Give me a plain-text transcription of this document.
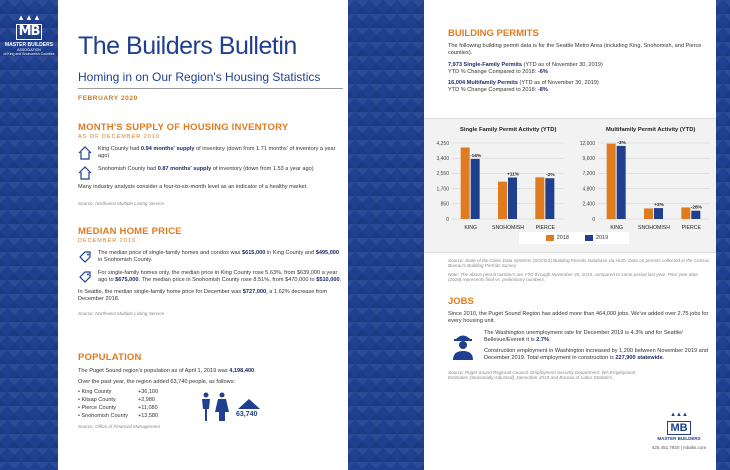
▲▲▲
MB
MASTER BUILDERS
ASSOCIATION
of King and Snohomish Counties The Builders Bulletin
Homing in on Our Region's Housing Statistics
FEBRUARY 2020
MONTH'S SUPPLY OF HOUSING INVENTORY
AS OF DECEMBER 2019
King County had 0.94 months' supply of inventory (down from 1.71 months' of inventory a year ago)
Snohomish County had 0.87 months' supply of inventory (down from 1.53 a year ago)
Many industry analysts consider a four-to-six-month level as an indicator of a healthy market.
Source: Northwest Multiple Listing Service
MEDIAN HOME PRICE
DECEMBER 2019
The median price of single-family homes and condos was $615,000 in King County and $495,000 in Snohomish County.
For single-family homes only, the median price in King County rose 5.63%, from $639,000 a year ago to $675,000. The median price in Snohomish County rose 8.51%, from $470,000 to $510,000.
In Seattle, the median single-family home price for December was $727,000, a 1.62% decrease from December 2018.
Source: Northwest Multiple Listing Service
POPULATION
The Puget Sound region's population as of April 1, 2019 was 4,198,400.
Over the past year, the region added 63,740 people, as follows:
• King County	+36,100
• Kitsap County	+2,980
• Pierce County	+11,080
• Snohomish County	+13,580
Source: Office of Financial Management
63,740
BUILDING PERMITS
The following building permit data is for the Seattle Metro Area (including King, Snohomish, and Pierce counties).
7,973 Single-Family Permits (YTD as of November 30, 2019)
YTD % Change Compared to 2018: -6%
16,004 Multifamily Permits (YTD as of November 30, 2019)
YTD % Change Compared to 2018: -8%
Single Family Permit Activity (YTD)	Multifamily Permit Activity (YTD)
0
850
1,700
2,550
3,400
4,250
-16%
KING
+11%
SNOHOMISH
-2%
PIERCE
0
2,400
4,800
7,200
9,600
12,000	-3%
KING
+3%
SNOHOMISH
-28%
PIERCE
2018	2019
Source: State of the Cities Data Systems (SOCDS) Building Permits Database via HUD. Data on permits collected in the Census Bureau's Building Permits Survey.
Note: The above permit numbers are YTD through November 30, 2019, compared to same period last year. Prior year data (2018) represents final vs. preliminary numbers.
JOBS
Since 2010, the Puget Sound Region has added more than 464,000 jobs. We've added over 2.75 jobs for every housing unit.
The Washington unemployment rate for December 2019 is 4.3% and for Seattle/ Bellevue/Everett it is 2.7%.
Construction employment in Washington increased by 1,200 between November 2019 and December 2019. Total employment in construction is 227,900 statewide.
Source: Puget Sound Regional Council, Employment Security Department: WA Employment Estimates (Seasonally Adjusted), December 2019 and Bureau of Labor Statistics.
▲▲▲
MB
MASTER BUILDERS
425.451.7920 | mbaks.com
